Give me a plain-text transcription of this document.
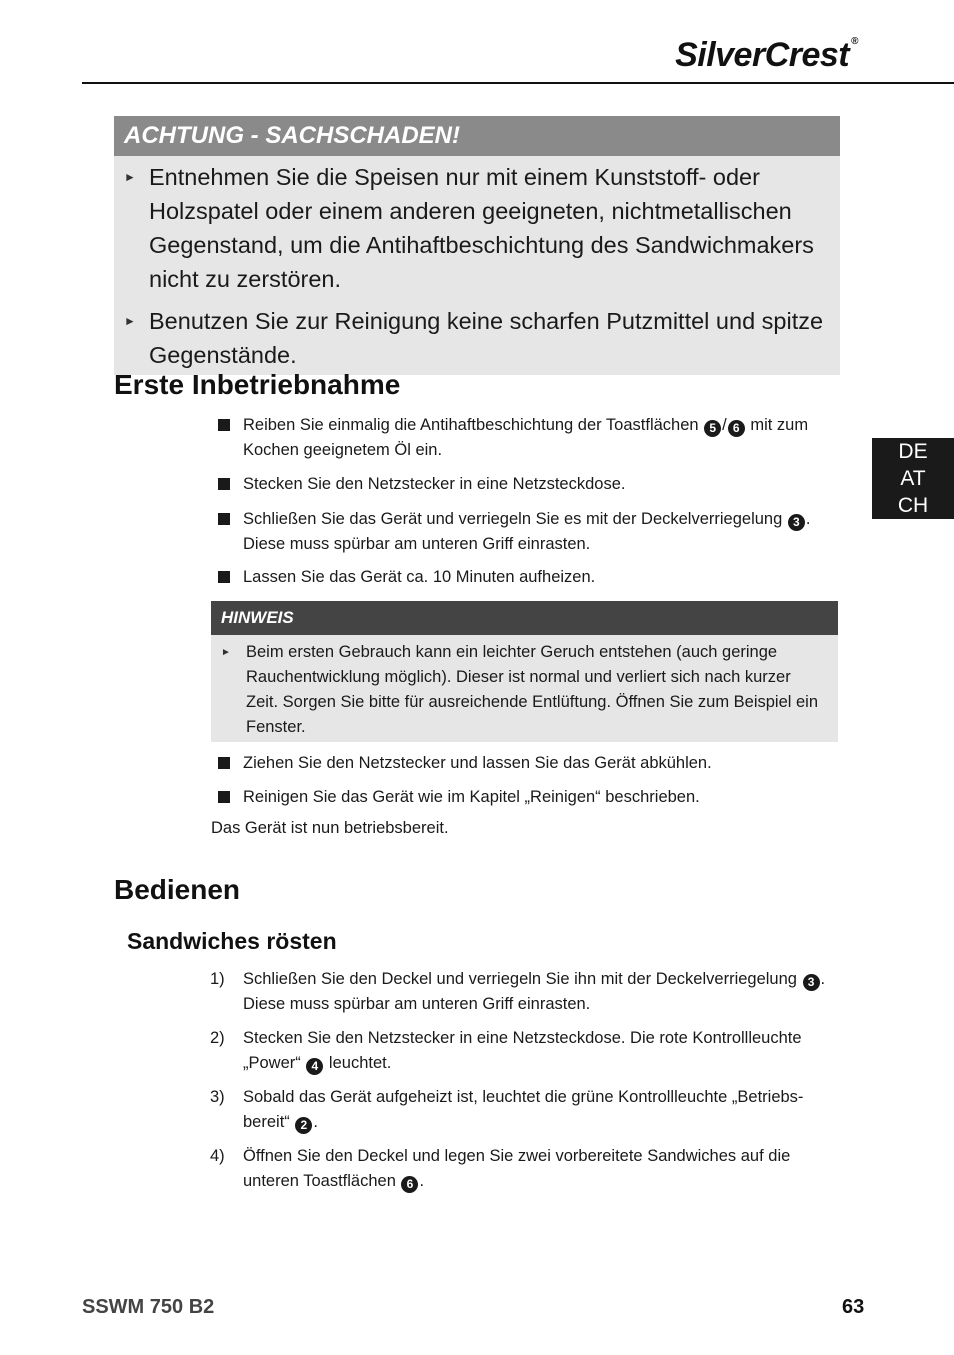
SilverCrest ®
ACHTUNG - SACHSCHADEN!
► Entnehmen Sie die Speisen nur mit einem Kunststoff- oder Holzspatel oder einem anderen geeigneten, nichtmetallischen Gegenstand, um die Antihaftbeschichtung des Sandwichmakers nicht zu zerstören.
► Benutzen Sie zur Reinigung keine scharfen Putzmittel und spitze Gegenstände.
Erste Inbetriebnahme
Reiben Sie einmalig die Antihaftbeschichtung der Toastflächen 5 / 6 mit zum Kochen geeignetem Öl ein.
Stecken Sie den Netzstecker in eine Netzsteckdose.
Schließen Sie das Gerät und verriegeln Sie es mit der Deckelverriegelung 3 . Diese muss spürbar am unteren Griff einrasten.
Lassen Sie das Gerät ca. 10 Minuten aufheizen.
HINWEIS
► Beim ersten Gebrauch kann ein leichter Geruch entstehen (auch geringe Rauchentwicklung möglich). Dieser ist normal und verliert sich nach kurzer Zeit. Sorgen Sie bitte für ausreichende Entlüftung. Öffnen Sie zum Beispiel ein Fenster.
Ziehen Sie den Netzstecker und lassen Sie das Gerät abkühlen.
Reinigen Sie das Gerät wie im Kapitel „Reinigen“ beschrieben.
Das Gerät ist nun betriebsbereit.
Bedienen
Sandwiches rösten
1) Schließen Sie den Deckel und verriegeln Sie ihn mit der Deckelverriegelung 3 . Diese muss spürbar am unteren Griff einrasten.
2) Stecken Sie den Netzstecker in eine Netzsteckdose. Die rote Kontrollleuchte „Power“ 4 leuchtet.
3) Sobald das Gerät aufgeheizt ist, leuchtet die grüne Kontrollleuchte „Betriebs-bereit“ 2 .
4) Öffnen Sie den Deckel und legen Sie zwei vorbereitete Sandwiches auf die unteren Toastflächen 6 .
DE
AT
CH
SSWM 750 B2	63
